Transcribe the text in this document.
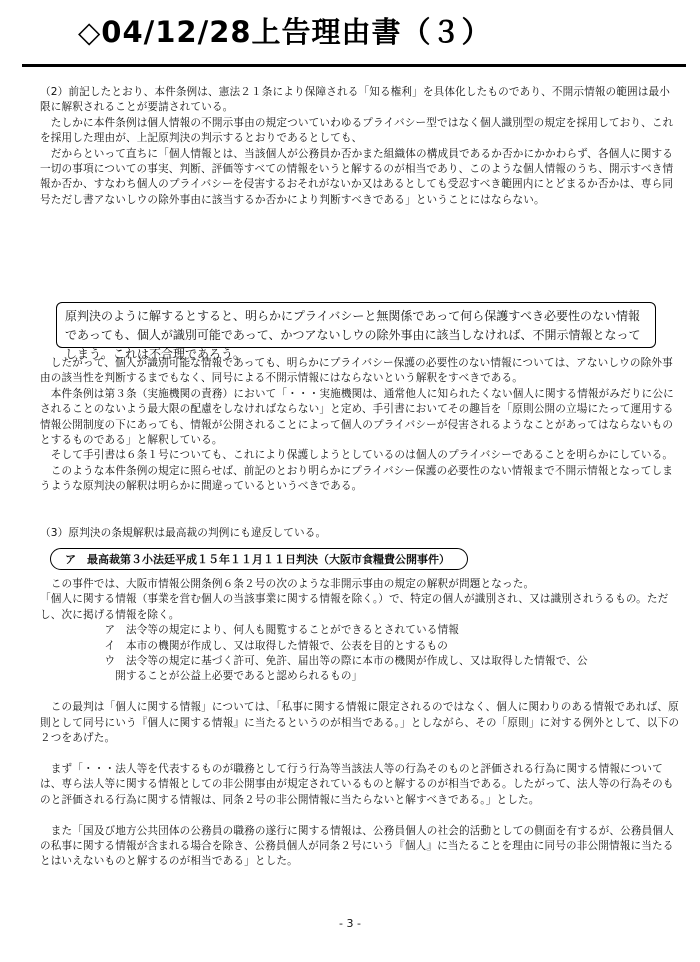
◇04/12/28上告理由書（３）
（2）前記したとおり、本件条例は、憲法２１条により保障される「知る権利」を具体化したものであり、不開示情報の範囲は最小限に解釈されることが要請されている。
　たしかに本件条例は個人情報の不開示事由の規定ついていわゆるプライバシー型ではなく個人識別型の規定を採用しており、これを採用した理由が、上記原判決の判示するとおりであるとしても、
　だからといって直ちに「個人情報とは、当該個人が公務員か否かまた組織体の構成員であるか否かにかかわらず、各個人に関する一切の事項についての事実、判断、評価等すべての情報をいうと解するのが相当であり、このような個人情報のうち、開示すべき情報か否か、すなわち個人のプライバシーを侵害するおそれがないか又はあるとしても受忍すべき範囲内にとどまるか否かは、専ら同号ただし書アないしウの除外事由に該当するか否かにより判断すべきである」ということにはならない。
原判決のように解するとすると、明らかにプライバシーと無関係であって何ら保護すべき必要性のない情報であっても、個人が識別可能であって、かつアないしウの除外事由に該当しなければ、不開示情報となってしまう。これは不合理であろう。
　したがって、個人が識別可能な情報であっても、明らかにプライバシー保護の必要性のない情報については、アないしウの除外事由の該当性を判断するまでもなく、同号による不開示情報にはならないという解釈をすべきである。
　本件条例は第３条（実施機関の責務）において「・・・実施機関は、通常他人に知られたくない個人に関する情報がみだりに公にされることのないよう最大限の配慮をしなければならない」と定め、手引書においてその趣旨を「原則公開の立場にたって運用する情報公開制度の下にあっても、情報が公開されることによって個人のプライバシーが侵害されるようなことがあってはならないものとするものである」と解釈している。
　そして手引書は６条１号についても、これにより保護しようとしているのは個人のプライバシーであることを明らかにしている。
　このような本件条例の規定に照らせば、前記のとおり明らかにプライバシー保護の必要性のない情報まで不開示情報となってしまうような原判決の解釈は明らかに間違っているというべきである。
（3）原判決の条規解釈は最高裁の判例にも違反している。
ア　最高裁第３小法廷平成１５年１１月１１日判決（大阪市食糧費公開事件）
　この事件では、大阪市情報公開条例６条２号の次のような非開示事由の規定の解釈が問題となった。
「個人に関する情報（事業を営む個人の当該事業に関する情報を除く。）で、特定の個人が識別され、又は識別されうるもの。ただし、次に掲げる情報を除く。
　　　　　　ア　法令等の規定により、何人も閲覧することができるとされている情報
　　　　　　イ　本市の機関が作成し、又は取得した情報で、公表を目的とするもの
　　　　　　ウ　法令等の規定に基づく許可、免許、届出等の際に本市の機関が作成し、又は取得した情報で、公
　　　　　　　開することが公益上必要であると認められるもの」

　この最判は「個人に関する情報」については、「私事に関する情報に限定されるのではなく、個人に関わりのある情報であれば、原則として同号にいう『個人に関する情報』に当たるというのが相当である。」としながら、その「原則」に対する例外として、以下の２つをあげた。

　まず「・・・法人等を代表するものが職務として行う行為等当該法人等の行為そのものと評価される行為に関する情報については、専ら法人等に関する情報としての非公開事由が規定されているものと解するのが相当である。したがって、法人等の行為そのものと評価される行為に関する情報は、同条２号の非公開情報に当たらないと解すべきである。」とした。

　また「国及び地方公共団体の公務員の職務の遂行に関する情報は、公務員個人の社会的活動としての側面を有するが、公務員個人の私事に関する情報が含まれる場合を除き、公務員個人が同条２号にいう『個人』に当たることを理由に同号の非公開情報に当たるとはいえないものと解するのが相当である」とした。
- 3 -
